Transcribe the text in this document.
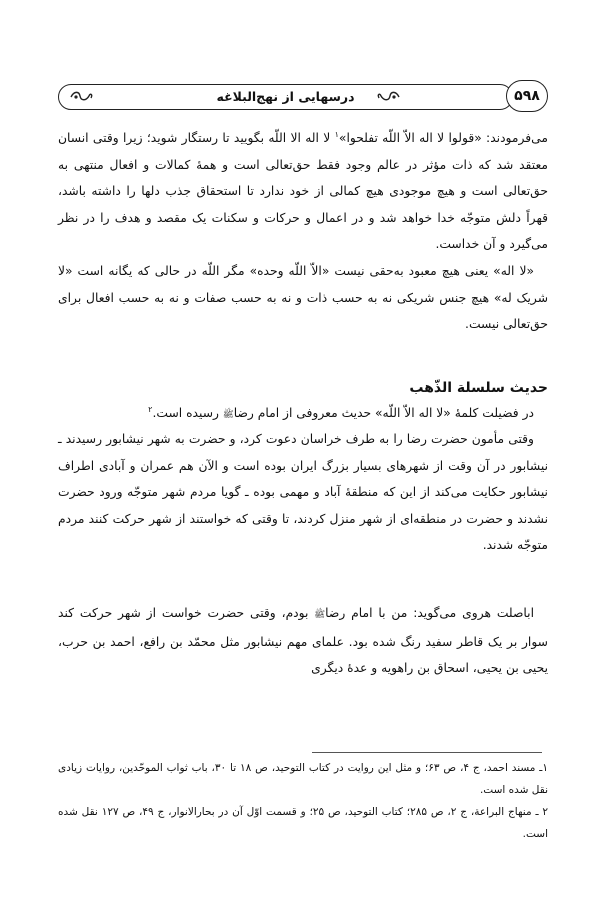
درسهایی از نهج‌البلاغه	۵۹۸
می‌فرمودند: «قولوا لا اله الاّ اللّه تفلحوا»$^۱$ لا اله الا اللّه بگویید تا رستگار شوید؛ زیرا وقتی انسان معتقد شد که ذات مؤثر در عالم وجود فقط حق‌تعالی است و همهٔ کمالات و افعال منتهی به حق‌تعالی است و هیچ موجودی هیچ کمالی از خود ندارد تا استحقاق جذب دلها را داشته باشد، قهراً دلش متوجّه خدا خواهد شد و در اعمال و حرکات و سکنات یک مقصد و هدف را در نظر می‌گیرد و آن خداست.
«لا اله» یعنی هیچ معبود به‌حقی نیست «الاّ اللّه وحده» مگر اللّه در حالی که یگانه است «لا شریک له» هیچ جنس شریکی نه به حسب ذات و نه به حسب صفات و نه به حسب افعال برای حق‌تعالی نیست.
حدیث سلسلة الذّهب
در فضیلت کلمهٔ «لا اله الاّ اللّه» حدیث معروفی از امام رضاﷺ رسیده است.$^۲$
وقتی مأمون حضرت رضا را به طرف خراسان دعوت کرد، و حضرت به شهر نیشابور رسیدند ـ نیشابور در آن وقت از شهرهای بسیار بزرگ ایران بوده است و الآن هم عمران و آبادی اطراف نیشابور حکایت می‌کند از این که منطقهٔ آباد و مهمی بوده ـ گویا مردم شهر متوجّه ورود حضرت نشدند و حضرت در منطقه‌ای از شهر منزل کردند، تا وقتی که خواستند از شهر حرکت کنند مردم متوجّه شدند.
اباصلت هروی می‌گوید: من با امام رضاﷺ بودم، وقتی حضرت خواست از شهر حرکت کند سوار بر یک قاطر سفید رنگ شده بود. علمای مهم نیشابور مثل محمّد بن رافع، احمد بن حرب، یحیی بن یحیی، اسحاق بن راهویه و عدهٔ دیگری
۱ـ مسند احمد، ج ۴، ص ۶۳؛ و مثل این روایت در کتاب التوحید، ص ۱۸ تا ۳۰، باب ثواب الموحّدین، روایات زیادی نقل شده است.
۲ ـ منهاج البراعة، ج ۲، ص ۲۸۵؛ کتاب التوحید، ص ۲۵؛ و قسمت اوّل آن در بحارالانوار، ج ۴۹، ص ۱۲۷ نقل شده است.
